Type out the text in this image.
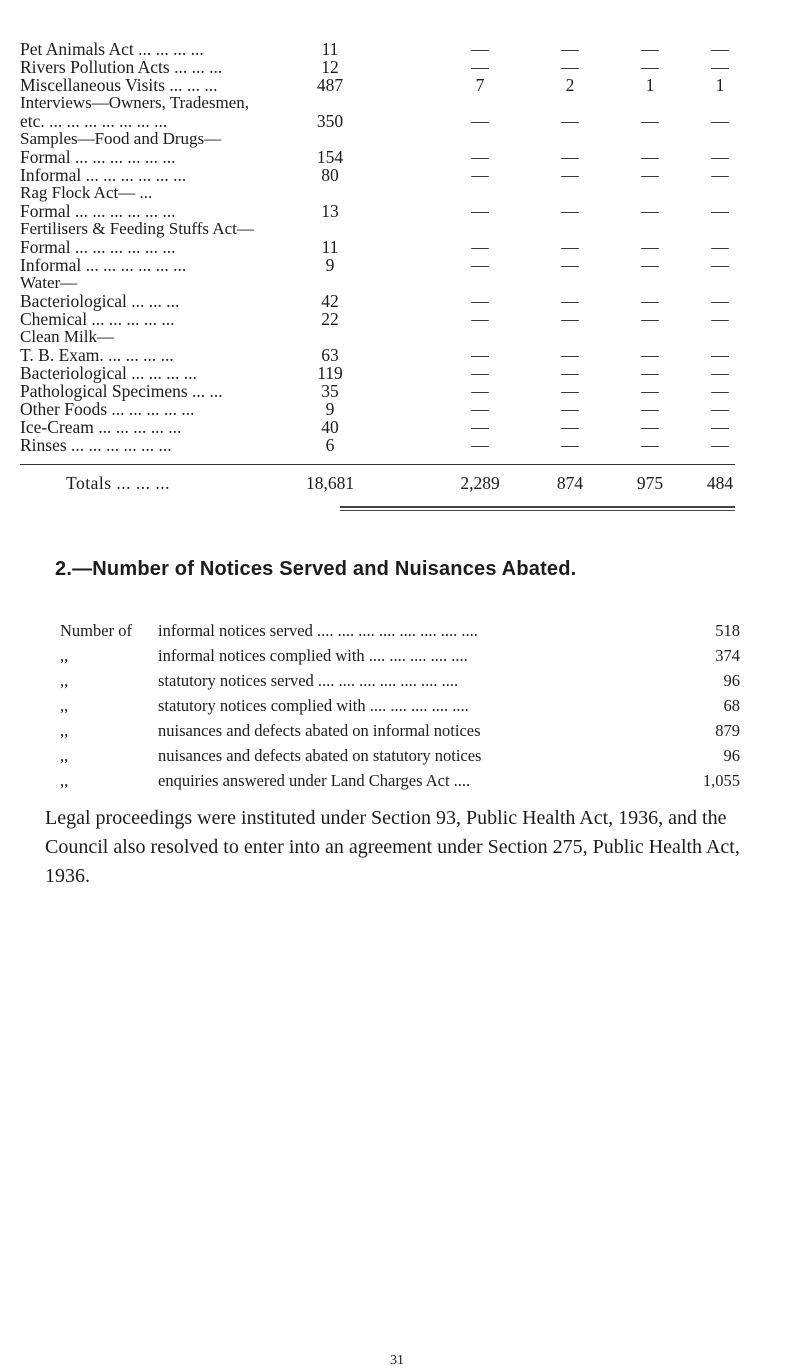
Pet Animals Act ... ... ... ...	11	—	—	—	—
Rivers Pollution Acts ... ... ...	12	—	—	—	—
Miscellaneous Visits ... ... ...	487	7	2	1	1
Interviews—Owners, Tradesmen,
etc. ... ... ... ... ... ... ...	350	—	—	—	—
Samples—Food and Drugs—
Formal ... ... ... ... ... ...	154	—	—	—	—
Informal ... ... ... ... ... ...	80	—	—	—	—
Rag Flock Act— ...
Formal ... ... ... ... ... ...	13	—	—	—	—
Fertilisers & Feeding Stuffs Act—
Formal ... ... ... ... ... ...	11	—	—	—	—
Informal ... ... ... ... ... ...	9	—	—	—	—
Water—
Bacteriological ... ... ...	42	—	—	—	—
Chemical ... ... ... ... ...	22	—	—	—	—
Clean Milk—
T. B. Exam. ... ... ... ...	63	—	—	—	—
Bacteriological ... ... ... ...	119	—	—	—	—
Pathological Specimens ... ...	35	—	—	—	—
Other Foods ... ... ... ... ...	9	—	—	—	—
Ice-Cream ... ... ... ... ...	40	—	—	—	—
Rinses ... ... ... ... ... ...	6	—	—	—	—
Totals ... ... ...	18,681	2,289	874	975	484
2.—Number of Notices Served and Nuisances Abated.
Number of informal notices served .... .... .... .... .... .... .... ....	518
,,	informal notices complied with .... .... .... .... ....	374
,,	statutory notices served .... .... .... .... .... .... ....	96
,,	statutory notices complied with .... .... .... .... ....	68
,,	nuisances and defects abated on informal notices	879
,,	nuisances and defects abated on statutory notices	96
,,	enquiries answered under Land Charges Act ....	1,055
Legal proceedings were instituted under Section 93, Public Health Act, 1936, and the Council also resolved to enter into an agreement under Section 275, Public Health Act, 1936.
31
